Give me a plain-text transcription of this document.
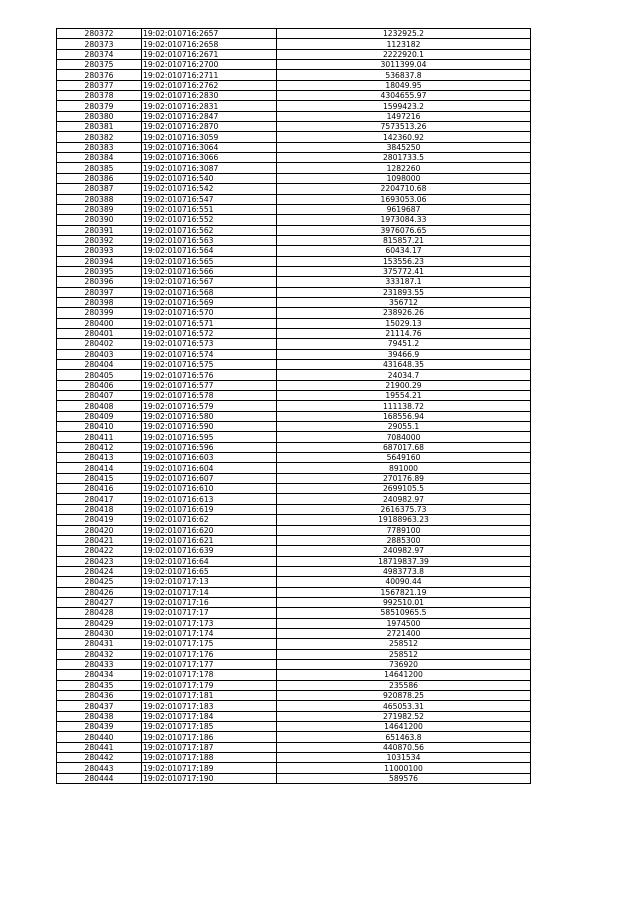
280372	19:02:010716:2657	1232925.2
280373	19:02:010716:2658	1123182
280374	19:02:010716:2671	2222920.1
280375	19:02:010716:2700	3011399.04
280376	19:02:010716:2711	536837.8
280377	19:02:010716:2762	18049.95
280378	19:02:010716:2830	4304655.97
280379	19:02:010716:2831	1599423.2
280380	19:02:010716:2847	1497216
280381	19:02:010716:2870	7573513.26
280382	19:02:010716:3059	142360.92
280383	19:02:010716:3064	3845250
280384	19:02:010716:3066	2801733.5
280385	19:02:010716:3087	1282260
280386	19:02:010716:540	1098000
280387	19:02:010716:542	2204710.68
280388	19:02:010716:547	1693053.06
280389	19:02:010716:551	9619687
280390	19:02:010716:552	1973084.33
280391	19:02:010716:562	3976076.65
280392	19:02:010716:563	815857.21
280393	19:02:010716:564	60434.17
280394	19:02:010716:565	153556.23
280395	19:02:010716:566	375772.41
280396	19:02:010716:567	333187.1
280397	19:02:010716:568	231893.55
280398	19:02:010716:569	356712
280399	19:02:010716:570	238926.26
280400	19:02:010716:571	15029.13
280401	19:02:010716:572	21114.76
280402	19:02:010716:573	79451.2
280403	19:02:010716:574	39466.9
280404	19:02:010716:575	431648.35
280405	19:02:010716:576	24034.7
280406	19:02:010716:577	21900.29
280407	19:02:010716:578	19554.21
280408	19:02:010716:579	111138.72
280409	19:02:010716:580	168556.94
280410	19:02:010716:590	29055.1
280411	19:02:010716:595	7084000
280412	19:02:010716:596	687017.68
280413	19:02:010716:603	5649160
280414	19:02:010716:604	891000
280415	19:02:010716:607	270176.89
280416	19:02:010716:610	2699105.5
280417	19:02:010716:613	240982.97
280418	19:02:010716:619	2616375.73
280419	19:02:010716:62	19188963.23
280420	19:02:010716:620	7789100
280421	19:02:010716:621	2885300
280422	19:02:010716:639	240982.97
280423	19:02:010716:64	18719837.39
280424	19:02:010716:65	4983773.8
280425	19:02:010717:13	40090.44
280426	19:02:010717:14	1567821.19
280427	19:02:010717:16	992510.01
280428	19:02:010717:17	58510965.5
280429	19:02:010717:173	1974500
280430	19:02:010717:174	2721400
280431	19:02:010717:175	258512
280432	19:02:010717:176	258512
280433	19:02:010717:177	736920
280434	19:02:010717:178	14641200
280435	19:02:010717:179	235586
280436	19:02:010717:181	920878.25
280437	19:02:010717:183	465053.31
280438	19:02:010717:184	271982.52
280439	19:02:010717:185	14641200
280440	19:02:010717:186	651463.8
280441	19:02:010717:187	440870.56
280442	19:02:010717:188	1031534
280443	19:02:010717:189	11000100
280444	19:02:010717:190	589576
